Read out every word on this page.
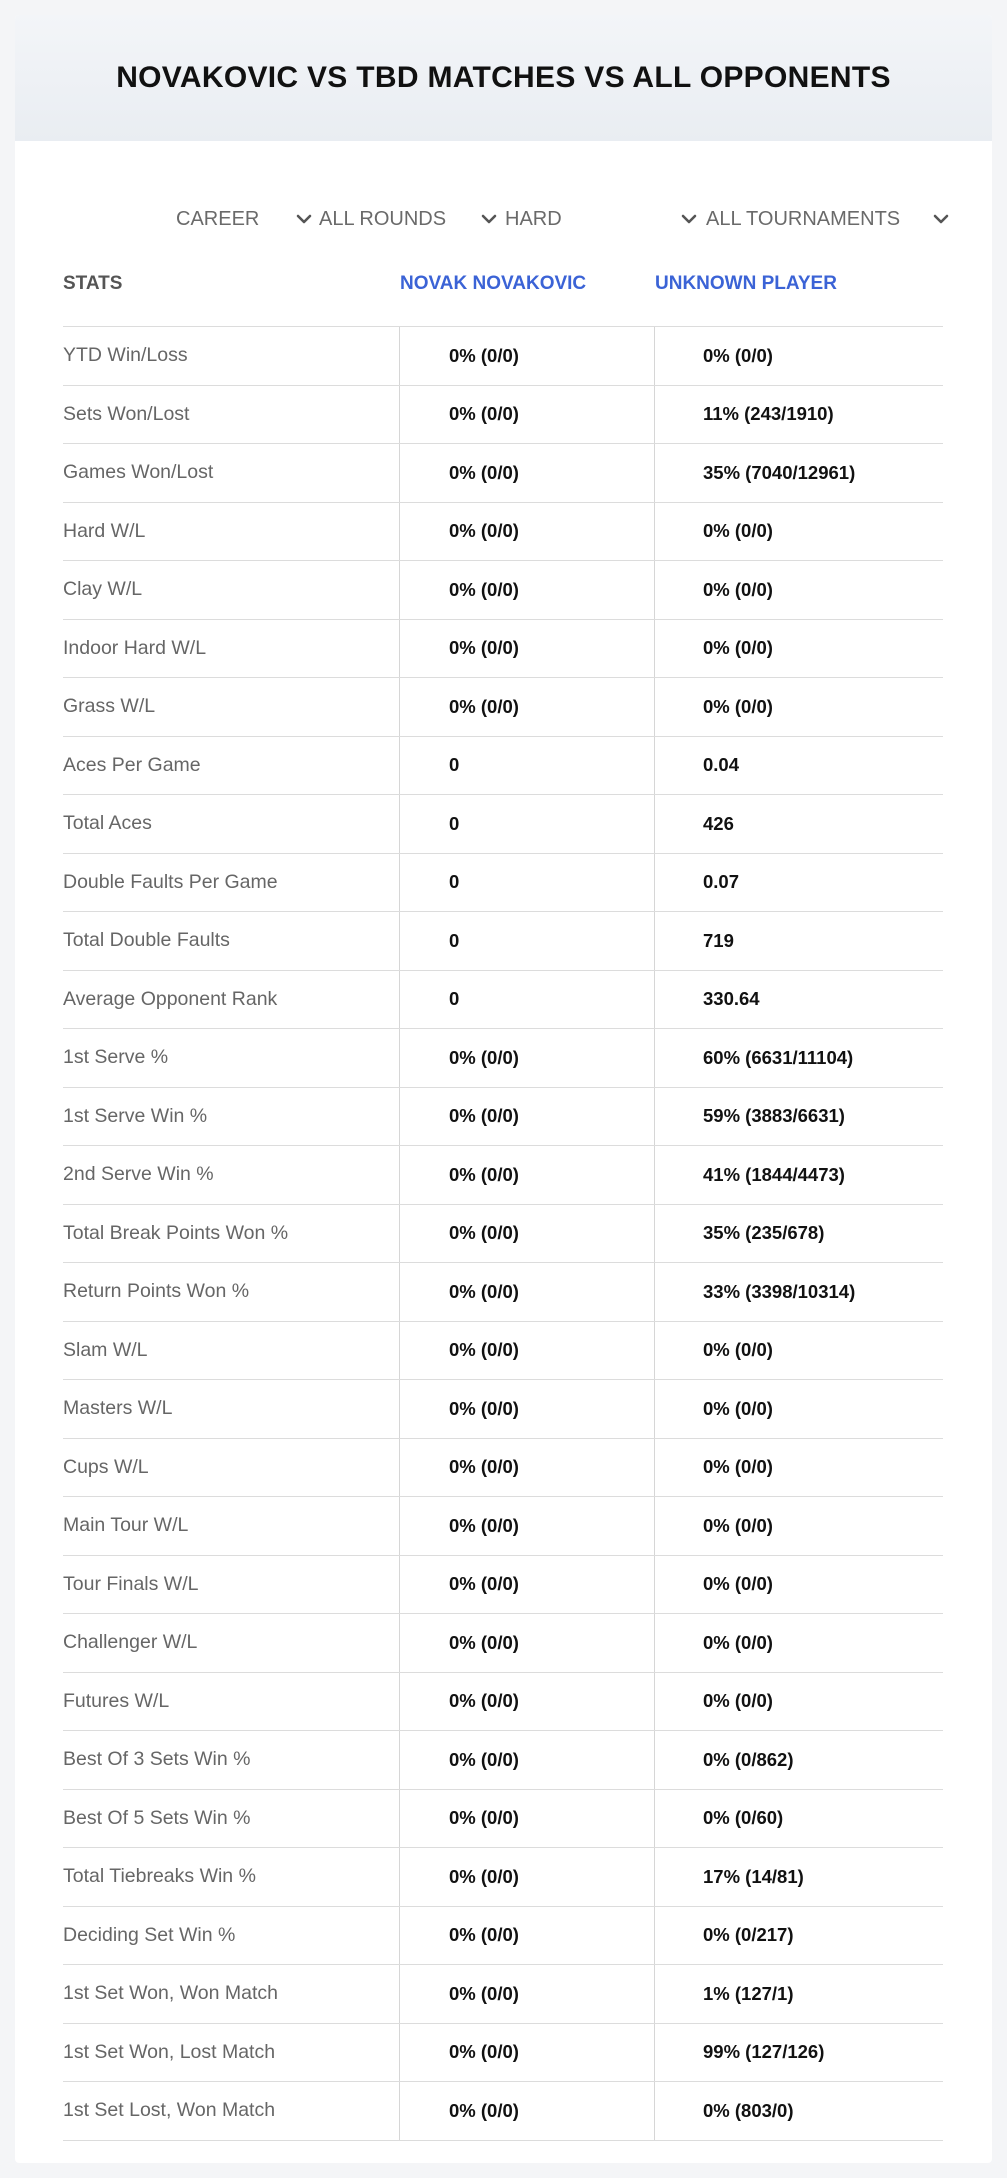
NOVAKOVIC VS TBD MATCHES VS ALL OPPONENTS
CAREER	ALL ROUNDS	HARD	ALL TOURNAMENTS
STATS	NOVAK NOVAKOVIC	UNKNOWN PLAYER
YTD Win/Loss	0% (0/0)	0% (0/0)
Sets Won/Lost	0% (0/0)	11% (243/1910)
Games Won/Lost	0% (0/0)	35% (7040/12961)
Hard W/L	0% (0/0)	0% (0/0)
Clay W/L	0% (0/0)	0% (0/0)
Indoor Hard W/L	0% (0/0)	0% (0/0)
Grass W/L	0% (0/0)	0% (0/0)
Aces Per Game	0	0.04
Total Aces	0	426
Double Faults Per Game	0	0.07
Total Double Faults	0	719
Average Opponent Rank	0	330.64
1st Serve %	0% (0/0)	60% (6631/11104)
1st Serve Win %	0% (0/0)	59% (3883/6631)
2nd Serve Win %	0% (0/0)	41% (1844/4473)
Total Break Points Won %	0% (0/0)	35% (235/678)
Return Points Won %	0% (0/0)	33% (3398/10314)
Slam W/L	0% (0/0)	0% (0/0)
Masters W/L	0% (0/0)	0% (0/0)
Cups W/L	0% (0/0)	0% (0/0)
Main Tour W/L	0% (0/0)	0% (0/0)
Tour Finals W/L	0% (0/0)	0% (0/0)
Challenger W/L	0% (0/0)	0% (0/0)
Futures W/L	0% (0/0)	0% (0/0)
Best Of 3 Sets Win %	0% (0/0)	0% (0/862)
Best Of 5 Sets Win %	0% (0/0)	0% (0/60)
Total Tiebreaks Win %	0% (0/0)	17% (14/81)
Deciding Set Win %	0% (0/0)	0% (0/217)
1st Set Won, Won Match	0% (0/0)	1% (127/1)
1st Set Won, Lost Match	0% (0/0)	99% (127/126)
1st Set Lost, Won Match	0% (0/0)	0% (803/0)
